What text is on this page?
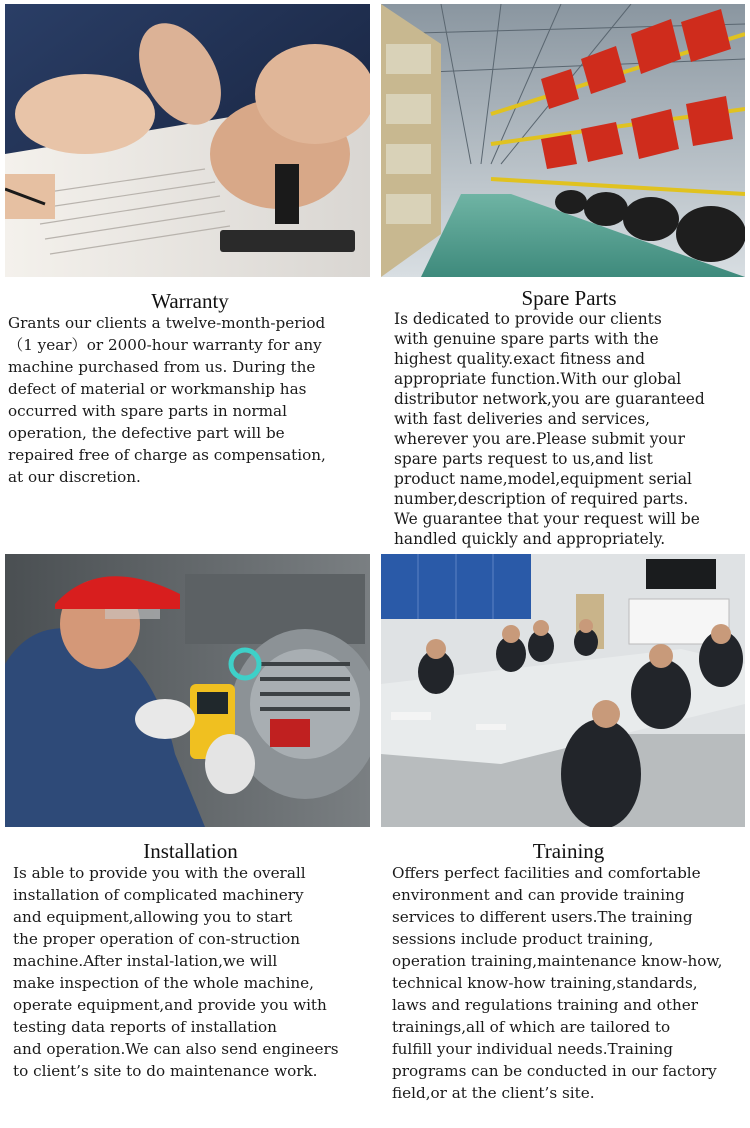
Warranty
Grants our clients a twelve-month-period
（1 year）or 2000-hour warranty for any
machine purchased from us. During the
defect of material or workmanship has
occurred with spare parts in normal
operation, the defective part will be
repaired free of charge as compensation,
at our discretion.
Spare Parts
Is dedicated to provide our clients
with genuine spare parts with the
highest quality.exact fitness and
appropriate function.With our global
distributor network,you are guaranteed
with fast deliveries and services,
wherever you are.Please submit your
spare parts request to us,and list
product name,model,equipment serial
number,description of required parts.
We guarantee that your request will be
handled quickly and appropriately.
Installation
Is able to provide you with the overall
installation of complicated machinery
and equipment,allowing you to start
the proper operation of con-struction
machine.After instal-lation,we will
make inspection of the whole machine,
operate equipment,and provide you with
testing data reports of installation
and operation.We can also send engineers
to client’s site to do maintenance work.
Training
Offers perfect facilities and comfortable
environment and can provide training
services to different users.The training
sessions include product training,
operation training,maintenance know-how,
technical know-how training,standards,
laws and regulations training and other
trainings,all of which are tailored to
fulfill your individual needs.Training
programs can be conducted in our factory
field,or at the client’s site.
